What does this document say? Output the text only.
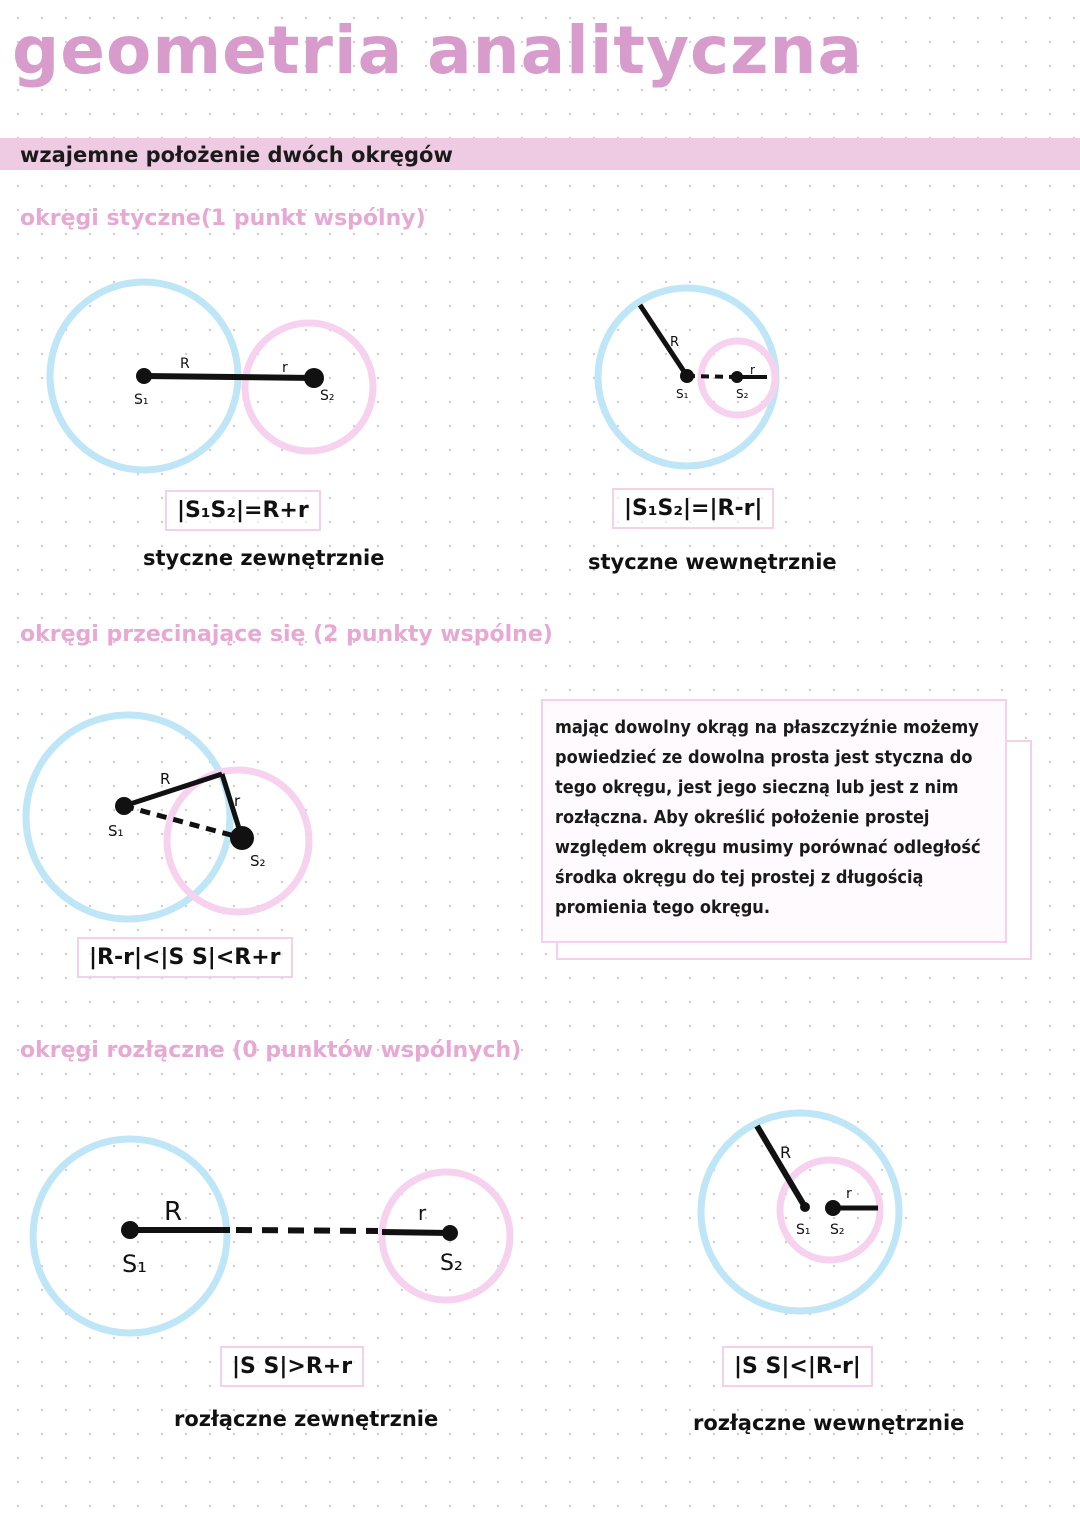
geometria analityczna
wzajemne położenie dwóch okręgów
okręgi styczne(1 punkt wspólny)
okręgi przecinające się (2 punkty wspólne)
okręgi rozłączne (0 punktów wspólnych)
R	r
S₁	S₂
R
r
S₁	S₂
R
r
S₁
S₂
R	r
S₁	S₂
R
r
S₁ S₂
|S₁S₂|=R+r
styczne zewnętrznie
|S₁S₂|=|R-r|
styczne wewnętrznie
|R-r|<|S S|<R+r
|S S|>R+r
rozłączne zewnętrznie
|S S|<|R-r|
rozłączne wewnętrznie
mając dowolny okrąg na płaszczyźnie możemy powiedzieć ze dowolna prosta jest styczna do tego okręgu, jest jego sieczną lub jest z nim rozłączna. Aby określić położenie prostej względem okręgu musimy porównać odległość środka okręgu do tej prostej z długością promienia tego okręgu.
